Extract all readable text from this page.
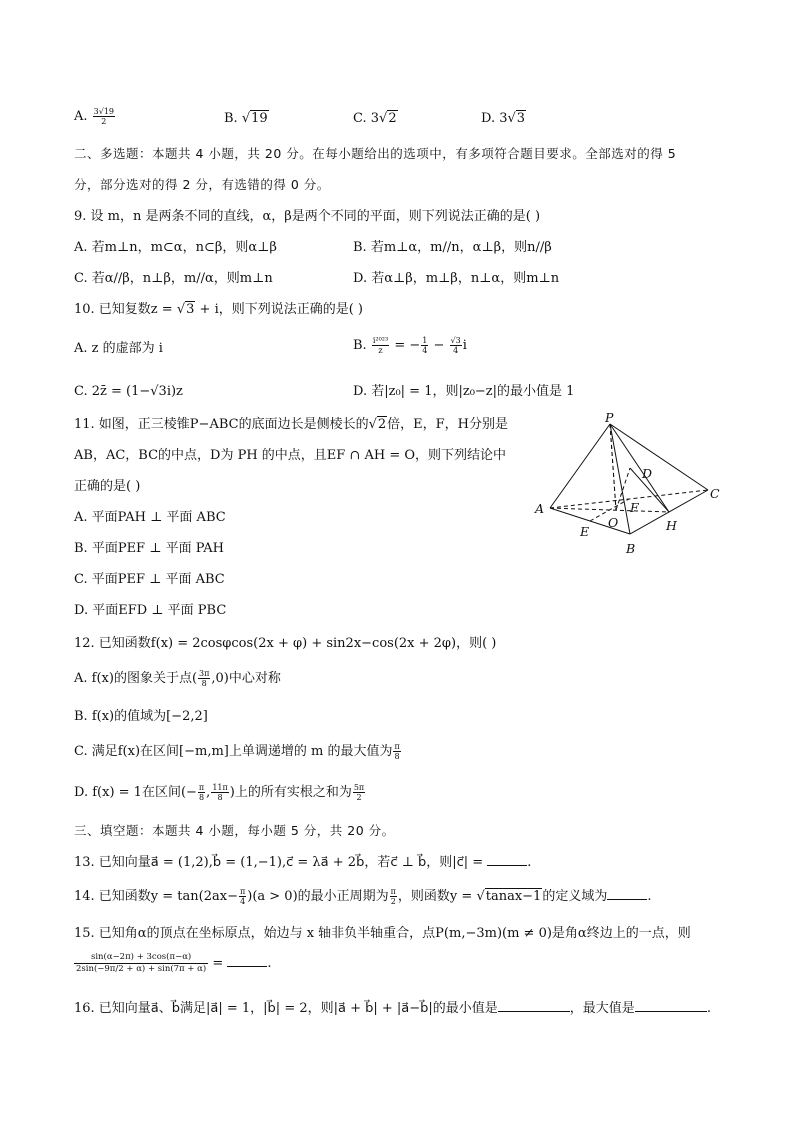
A. $\frac{3√19}{2}$	B. √19	C. 3√2	D. 3√3
二、多选题：本题共 4 小题，共 20 分。在每小题给出的选项中，有多项符合题目要求。全部选对的得 5
分，部分选对的得 2 分，有选错的得 0 分。
9. 设 m，n 是两条不同的直线，α，β是两个不同的平面，则下列说法正确的是( )
A. 若m⊥n，m⊂α，n⊂β，则α⊥β	B. 若m⊥α，m//n，α⊥β，则n//β
C. 若α//β，n⊥β，m//α，则m⊥n	D. 若α⊥β，m⊥β，n⊥α，则m⊥n
10. 已知复数z = √3 + i，则下列说法正确的是( )
A. z 的虚部为 i	B. $\frac{\text{i²⁰²³}}{z}$ = − $\frac{1}{4} - \frac{√3}{4}$ i
C. 2z̄ = (1−√3i)z	D. 若|z₀| = 1，则|z₀−z|的最小值是 1
11. 如图，正三棱锥P−ABC的底面边长是侧棱长的√2倍，E，F，H分别是
AB，AC，BC的中点，D为 PH 的中点，且EF ∩ AH = O，则下列结论中
正确的是( )
A. 平面PAH ⊥ 平面 ABC
B. 平面PEF ⊥ 平面 PAH
C. 平面PEF ⊥ 平面 ABC
D. 平面EFD ⊥ 平面 PBC
P
A
B
C
D
E
F
H
O
12. 已知函数f(x) = 2cosφcos(2x + φ) + sin2x−cos(2x + 2φ)，则( )
A. f(x)的图象关于点( $\frac{3\pi}{8} ,0$)中心对称
B. f(x)的值域为[−2,2]
C. 满足f(x)在区间[−m,m]上单调递增的 m 的最大值为 $\frac{\pi}{8}$
D. f(x) = 1在区间(− $\frac{\pi}{8}$ , $\frac{11\pi}{8}$ )上的所有实根之和为 $\frac{5\pi}{2}$
三、填空题：本题共 4 小题，每小题 5 分，共 20 分。
13. 已知向量a⃗ = (1,2),b⃗ = (1,−1),c⃗ = λa⃗ + 2b⃗，若c⃗ ⊥ b⃗，则|c⃗| =	.
14. 已知函数$y = \tan(2ax- \frac{\pi}{4} )(a > 0)$的最小正周期为 $\frac{\pi}{2}$ ，则函数y = √tanax−1的定义域为	.
15. 已知角α的顶点在坐标原点，始边与 x 轴非负半轴重合，点P(m,−3m)(m ≠ 0)是角α终边上的一点，则
$\frac{\sin(\alpha-2\pi) + 3\cos(\pi-\alpha)}{2\sin(-9\pi/2 + \alpha) + \sin(7\pi + \alpha)}$ =	.
16. 已知向量a⃗、b⃗满足|a⃗| = 1，|b⃗| = 2，则|a⃗ + b⃗| + |a⃗−b⃗|的最小值是	，最大值是	.
